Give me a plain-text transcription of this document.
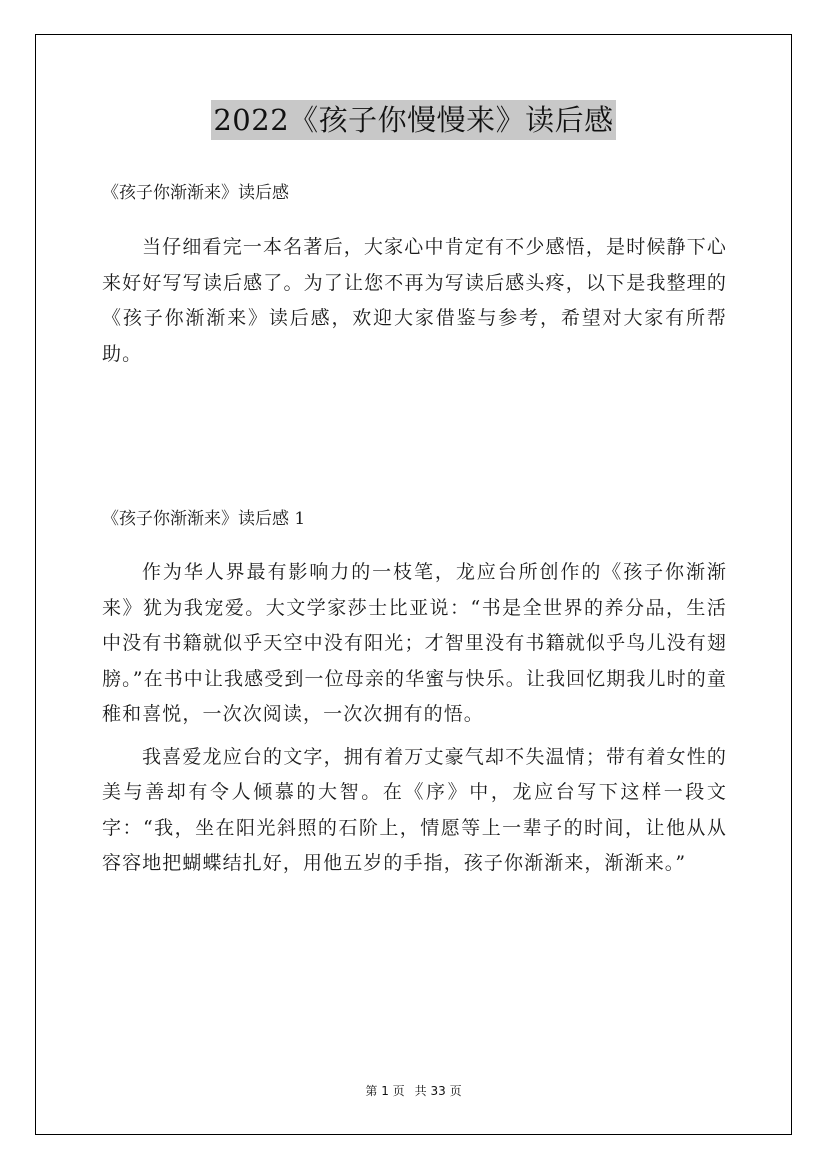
2022《孩子你慢慢来》读后感

《孩子你渐渐来》读后感

当仔细看完一本名著后，大家心中肯定有不少感悟，是时候静下心来好好写写读后感了。为了让您不再为写读后感头疼，以下是我整理的《孩子你渐渐来》读后感，欢迎大家借鉴与参考，希望对大家有所帮助。

《孩子你渐渐来》读后感 1

作为华人界最有影响力的一枝笔，龙应台所创作的《孩子你渐渐来》犹为我宠爱。大文学家莎士比亚说：“书是全世界的养分品，生活中没有书籍就似乎天空中没有阳光；才智里没有书籍就似乎鸟儿没有翅膀。”在书中让我感受到一位母亲的华蜜与快乐。让我回忆期我儿时的童稚和喜悦，一次次阅读，一次次拥有的悟。

我喜爱龙应台的文字，拥有着万丈豪气却不失温情；带有着女性的美与善却有令人倾慕的大智。在《序》中，龙应台写下这样一段文字：“我，坐在阳光斜照的石阶上，情愿等上一辈子的时间，让他从从容容地把蝴蝶结扎好，用他五岁的手指，孩子你渐渐来，渐渐来。”

第 1 页 共 33 页
